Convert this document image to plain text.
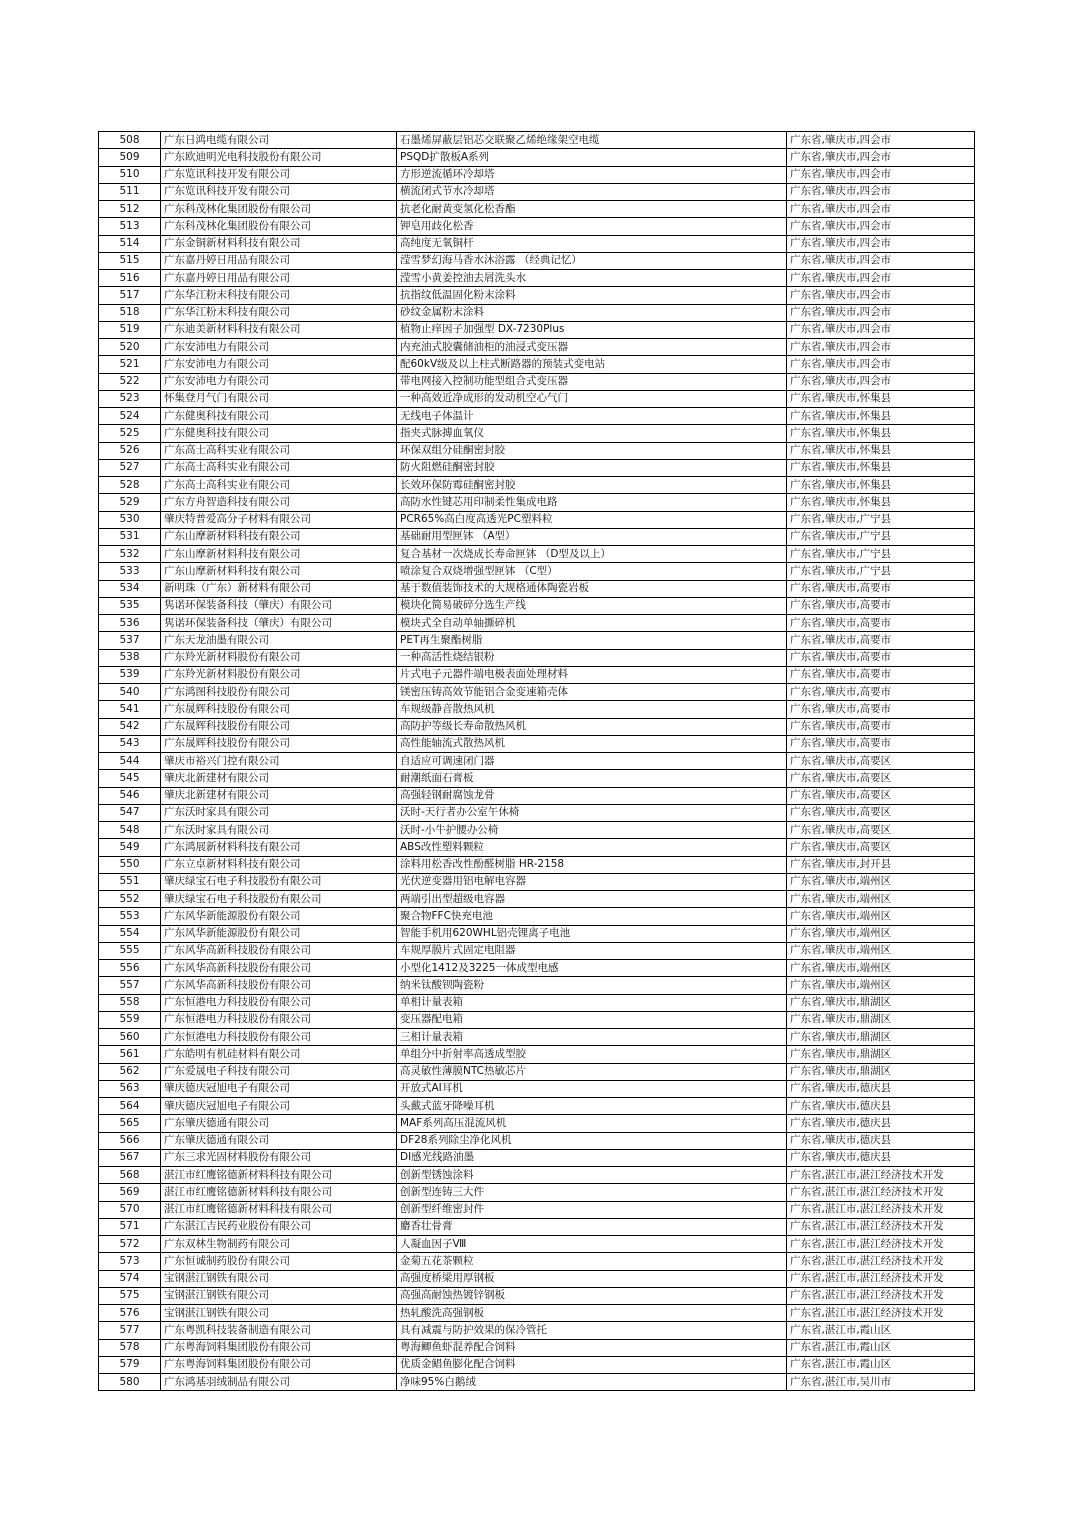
508	广东日鸿电缆有限公司	石墨烯屏蔽层铝芯交联聚乙烯绝缘架空电缆	广东省,肇庆市,四会市
509	广东欧迪明光电科技股份有限公司	PSQD扩散板A系列	广东省,肇庆市,四会市
510	广东览讯科技开发有限公司	方形逆流循环冷却塔	广东省,肇庆市,四会市
511	广东览讯科技开发有限公司	横流闭式节水冷却塔	广东省,肇庆市,四会市
512	广东科茂林化集团股份有限公司	抗老化耐黄变氢化松香酯	广东省,肇庆市,四会市
513	广东科茂林化集团股份有限公司	钾皂用歧化松香	广东省,肇庆市,四会市
514	广东金铜新材料科技有限公司	高纯度无氧铜杆	广东省,肇庆市,四会市
515	广东嘉丹婷日用品有限公司	滢雪梦幻海马香水沐浴露 （经典记忆）	广东省,肇庆市,四会市
516	广东嘉丹婷日用品有限公司	滢雪小黄姜控油去屑洗头水	广东省,肇庆市,四会市
517	广东华江粉末科技有限公司	抗指纹低温固化粉末涂料	广东省,肇庆市,四会市
518	广东华江粉末科技有限公司	砂纹金属粉末涂料	广东省,肇庆市,四会市
519	广东迪美新材料科技有限公司	植物止痒因子加强型 DX-7230Plus	广东省,肇庆市,四会市
520	广东安沛电力有限公司	内充油式胶囊储油柜的油浸式变压器	广东省,肇庆市,四会市
521	广东安沛电力有限公司	配60kV级及以上柱式断路器的预装式变电站	广东省,肇庆市,四会市
522	广东安沛电力有限公司	带电网接入控制功能型组合式变压器	广东省,肇庆市,四会市
523	怀集登月气门有限公司	一种高效近净成形的发动机空心气门	广东省,肇庆市,怀集县
524	广东健奥科技有限公司	无线电子体温计	广东省,肇庆市,怀集县
525	广东健奥科技有限公司	指夹式脉搏血氧仪	广东省,肇庆市,怀集县
526	广东高士高科实业有限公司	环保双组分硅酮密封胶	广东省,肇庆市,怀集县
527	广东高士高科实业有限公司	防火阻燃硅酮密封胶	广东省,肇庆市,怀集县
528	广东高士高科实业有限公司	长效环保防霉硅酮密封胶	广东省,肇庆市,怀集县
529	广东方舟智造科技有限公司	高防水性键芯用印制柔性集成电路	广东省,肇庆市,怀集县
530	肇庆特普爱高分子材料有限公司	PCR65%高白度高透光PC塑料粒	广东省,肇庆市,广宁县
531	广东山摩新材料科技有限公司	基础耐用型匣钵 （A型）	广东省,肇庆市,广宁县
532	广东山摩新材料科技有限公司	复合基材一次烧成长寿命匣钵 （D型及以上）	广东省,肇庆市,广宁县
533	广东山摩新材料科技有限公司	喷涂复合双烧增强型匣钵 （C型）	广东省,肇庆市,广宁县
534	新明珠（广东）新材料有限公司	基于数值装饰技术的大规格通体陶瓷岩板	广东省,肇庆市,高要市
535	隽诺环保装备科技（肇庆）有限公司	模块化简易破碎分选生产线	广东省,肇庆市,高要市
536	隽诺环保装备科技（肇庆）有限公司	模块式全自动单轴撕碎机	广东省,肇庆市,高要市
537	广东天龙油墨有限公司	PET再生聚酯树脂	广东省,肇庆市,高要市
538	广东羚光新材料股份有限公司	一种高活性烧结银粉	广东省,肇庆市,高要市
539	广东羚光新材料股份有限公司	片式电子元器件端电极表面处理材料	广东省,肇庆市,高要市
540	广东鸿图科技股份有限公司	镁密压铸高效节能铝合金变速箱壳体	广东省,肇庆市,高要市
541	广东晟辉科技股份有限公司	车规级静音散热风机	广东省,肇庆市,高要市
542	广东晟辉科技股份有限公司	高防护等级长寿命散热风机	广东省,肇庆市,高要市
543	广东晟辉科技股份有限公司	高性能轴流式散热风机	广东省,肇庆市,高要市
544	肇庆市裕兴门控有限公司	自适应可调速闭门器	广东省,肇庆市,高要区
545	肇庆北新建材有限公司	耐潮纸面石膏板	广东省,肇庆市,高要区
546	肇庆北新建材有限公司	高强轻钢耐腐蚀龙骨	广东省,肇庆市,高要区
547	广东沃时家具有限公司	沃时-天行者办公室午休椅	广东省,肇庆市,高要区
548	广东沃时家具有限公司	沃时-小牛护腰办公椅	广东省,肇庆市,高要区
549	广东鸿展新材料科技有限公司	ABS改性塑料颗粒	广东省,肇庆市,高要区
550	广东立卓新材料科技有限公司	涂料用松香改性酚醛树脂 HR-2158	广东省,肇庆市,封开县
551	肇庆绿宝石电子科技股份有限公司	光伏逆变器用铝电解电容器	广东省,肇庆市,端州区
552	肇庆绿宝石电子科技股份有限公司	两端引出型超级电容器	广东省,肇庆市,端州区
553	广东风华新能源股份有限公司	聚合物FFC快充电池	广东省,肇庆市,端州区
554	广东风华新能源股份有限公司	智能手机用620WHL铝壳锂离子电池	广东省,肇庆市,端州区
555	广东风华高新科技股份有限公司	车规厚膜片式固定电阻器	广东省,肇庆市,端州区
556	广东风华高新科技股份有限公司	小型化1412及3225一体成型电感	广东省,肇庆市,端州区
557	广东风华高新科技股份有限公司	纳米钛酸钡陶瓷粉	广东省,肇庆市,端州区
558	广东恒港电力科技股份有限公司	单相计量表箱	广东省,肇庆市,鼎湖区
559	广东恒港电力科技股份有限公司	变压器配电箱	广东省,肇庆市,鼎湖区
560	广东恒港电力科技股份有限公司	三相计量表箱	广东省,肇庆市,鼎湖区
561	广东皓明有机硅材料有限公司	单组分中折射率高透成型胶	广东省,肇庆市,鼎湖区
562	广东爱晟电子科技有限公司	高灵敏性薄膜NTC热敏芯片	广东省,肇庆市,鼎湖区
563	肇庆德庆冠旭电子有限公司	开放式AI耳机	广东省,肇庆市,德庆县
564	肇庆德庆冠旭电子有限公司	头戴式蓝牙降噪耳机	广东省,肇庆市,德庆县
565	广东肇庆德通有限公司	MAF系列高压混流风机	广东省,肇庆市,德庆县
566	广东肇庆德通有限公司	DF28系列除尘净化风机	广东省,肇庆市,德庆县
567	广东三求光固材料股份有限公司	DI感光线路油墨	广东省,肇庆市,德庆县
568	湛江市红鹰铭德新材料科技有限公司	创新型锈蚀涂料	广东省,湛江市,湛江经济技术开发
569	湛江市红鹰铭德新材料科技有限公司	创新型连铸三大件	广东省,湛江市,湛江经济技术开发
570	湛江市红鹰铭德新材料科技有限公司	创新型纤维密封件	广东省,湛江市,湛江经济技术开发
571	广东湛江吉民药业股份有限公司	麝香壮骨膏	广东省,湛江市,湛江经济技术开发
572	广东双林生物制药有限公司	人凝血因子Ⅷ	广东省,湛江市,湛江经济技术开发
573	广东恒诚制药股份有限公司	金菊五花茶颗粒	广东省,湛江市,湛江经济技术开发
574	宝钢湛江钢铁有限公司	高强度桥梁用厚钢板	广东省,湛江市,湛江经济技术开发
575	宝钢湛江钢铁有限公司	高强高耐蚀热镀锌钢板	广东省,湛江市,湛江经济技术开发
576	宝钢湛江钢铁有限公司	热轧酸洗高强钢板	广东省,湛江市,湛江经济技术开发
577	广东粤凯科技装备制造有限公司	具有减震与防护效果的保冷管托	广东省,湛江市,霞山区
578	广东粤海饲料集团股份有限公司	粤海鲫鱼虾混养配合饲料	广东省,湛江市,霞山区
579	广东粤海饲料集团股份有限公司	优质金鲳鱼膨化配合饲料	广东省,湛江市,霞山区
580	广东鸿基羽绒制品有限公司	净味95%白鹅绒	广东省,湛江市,吴川市
